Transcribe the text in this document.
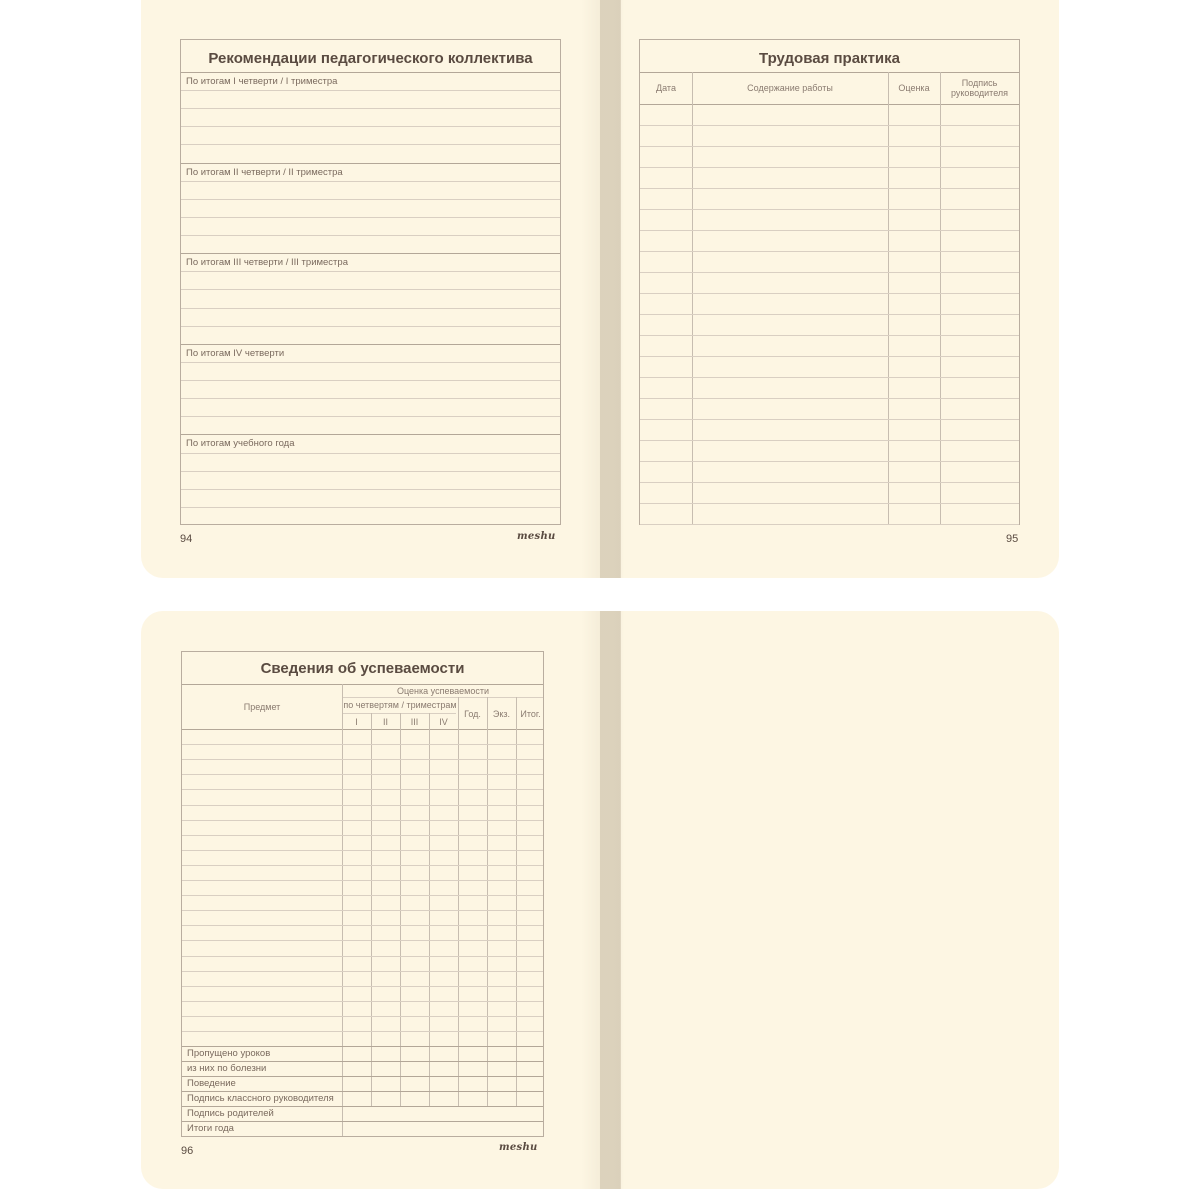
Рекомендации педагогического коллектива
По итогам I четверти / I триместра
По итогам II четверти / II триместра
По итогам III четверти / III триместра
По итогам IV четверти
По итогам учебного года
94	meshu
Трудовая практика
Дата	Содержание работы	Оценка	Подпись руководителя
95
Сведения об успеваемости
Предмет
Оценка успеваемости
по четвертям / триместрам
I	II	III	IV
Год.	Экз.	Итог.
Пропущено уроков
из них по болезни
Поведение
Подпись классного руководителя
Подпись родителей
Итоги года
96	meshu
